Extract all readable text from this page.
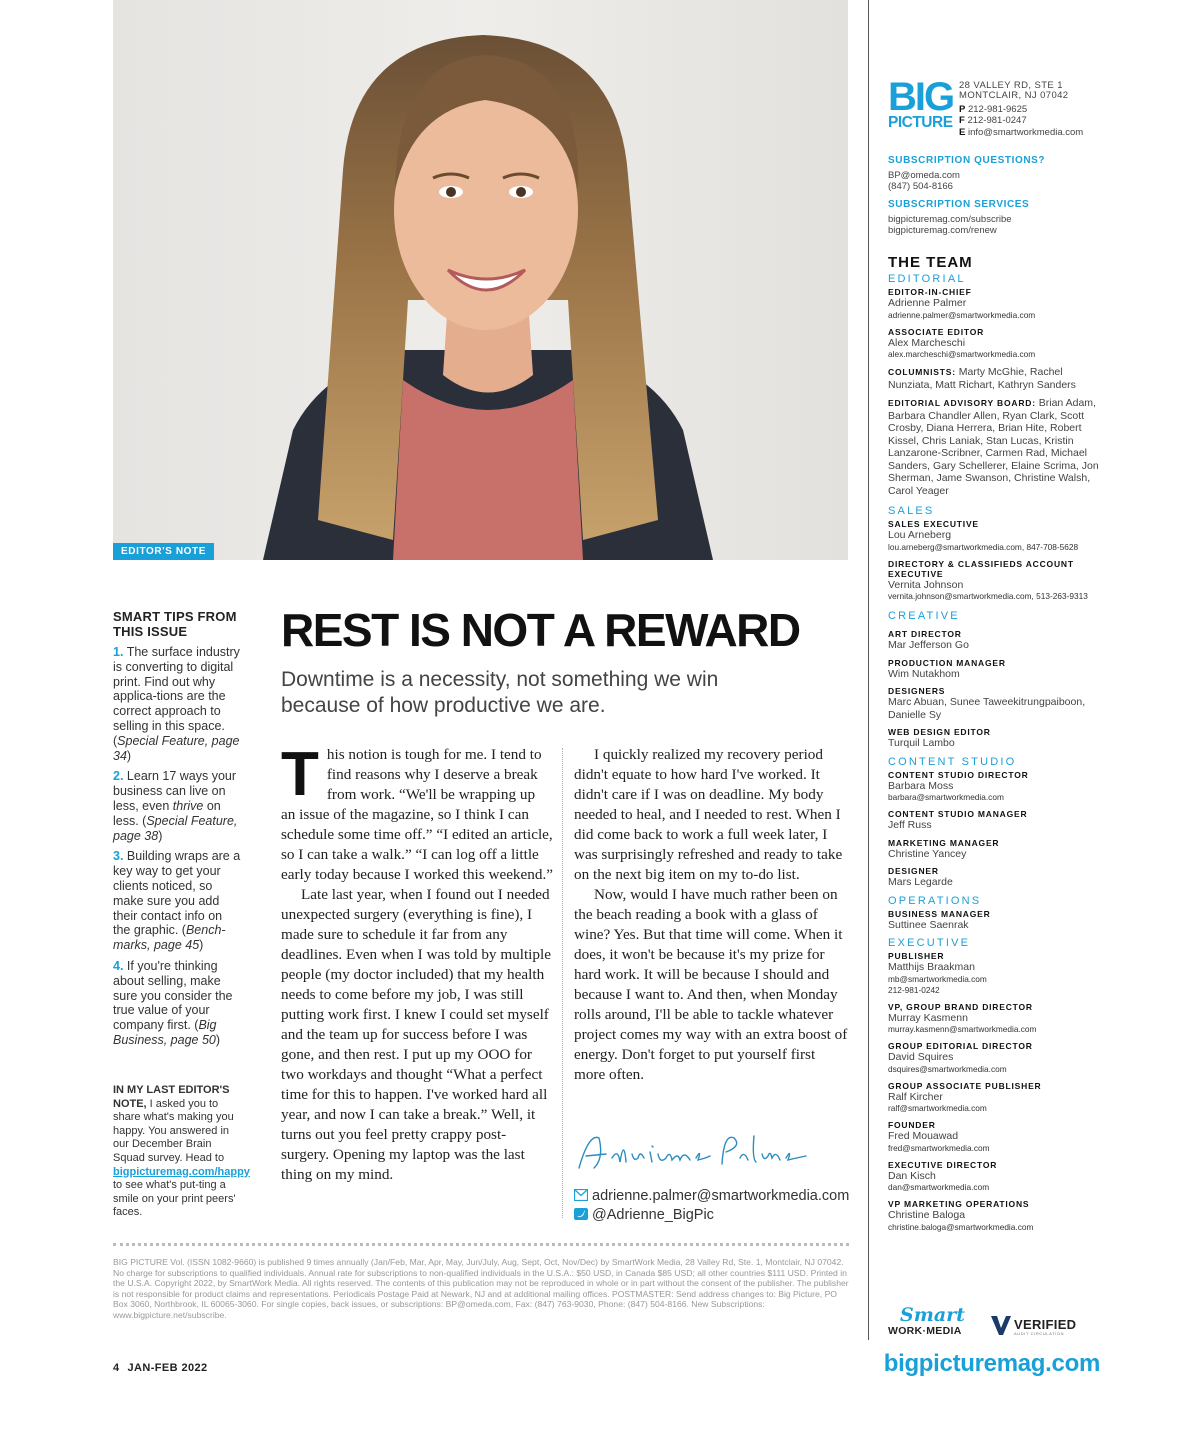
EDITOR'S NOTE
SMART TIPS FROM THIS ISSUE
1. The surface industry is converting to digital print. Find out why applica-tions are the correct approach to selling in this space. (Special Feature, page 34)
2. Learn 17 ways your business can live on less, even thrive on less. (Special Feature, page 38)
3. Building wraps are a key way to get your clients noticed, so make sure you add their contact info on the graphic. (Bench-marks, page 45)
4. If you're thinking about selling, make sure you consider the true value of your company first. (Big Business, page 50)
IN MY LAST EDITOR'S NOTE, I asked you to share what's making you happy. You answered in our December Brain Squad survey. Head to bigpicturemag.com/happy to see what's put-ting a smile on your print peers' faces.
REST IS NOT A REWARD
Downtime is a necessity, not something we win because of how productive we are.
T his notion is tough for me. I tend to find reasons why I deserve a break from work. “We'll be wrapping up an issue of the magazine, so I think I can schedule some time off.” “I edited an article, so I can take a walk.” “I can log off a little early today because I worked this weekend.”

Late last year, when I found out I needed unexpected surgery (everything is fine), I made sure to schedule it far from any deadlines. Even when I was told by multiple people (my doctor included) that my health needs to come before my job, I was still putting work first. I knew I could set myself and the team up for success before I was gone, and then rest. I put up my OOO for two workdays and thought “What a perfect time for this to happen. I've worked hard all year, and now I can take a break.” Well, it turns out you feel pretty crappy post-surgery. Opening my laptop was the last thing on my mind.

I quickly realized my recovery period didn't equate to how hard I've worked. It didn't care if I was on deadline. My body needed to heal, and I needed to rest. When I did come back to work a full week later, I was surprisingly refreshed and ready to take on the next big item on my to-do list.

Now, would I have much rather been on the beach reading a book with a glass of wine? Yes. But that time will come. When it does, it won't be because it's my prize for hard work. It will be because I should and because I want to. And then, when Monday rolls around, I'll be able to tackle whatever project comes my way with an extra boost of energy. Don't forget to put yourself first more often.

adrienne.palmer@smartworkmedia.com
@Adrienne_BigPic
BIG PICTURE Vol. (ISSN 1082-9660) is published 9 times annually (Jan/Feb, Mar, Apr, May, Jun/July, Aug, Sept, Oct, Nov/Dec) by SmartWork Media, 28 Valley Rd, Ste. 1, Montclair, NJ 07042. No charge for subscriptions to qualified individuals. Annual rate for subscriptions to non-qualified individuals in the U.S.A.: $50 USD, in Canada $85 USD; all other countries $111 USD. Printed in the U.S.A. Copyright 2022, by SmartWork Media. All rights reserved. The contents of this publication may not be reproduced in whole or in part without the consent of the publisher. The publisher is not responsible for product claims and representations. Periodicals Postage Paid at Newark, NJ and at additional mailing offices. POSTMASTER: Send address changes to: Big Picture, PO Box 3060, Northbrook, IL 60065-3060. For single copies, back issues, or subscriptions: BP@omeda.com, Fax: (847) 763-9030, Phone: (847) 504-8166. New Subscriptions: www.bigpicture.net/subscribe.
BIG
PICTURE
28 VALLEY RD, STE 1
MONTCLAIR, NJ 07042
P 212-981-9625
F 212-981-0247
E info@smartworkmedia.com
SUBSCRIPTION QUESTIONS?
BP@omeda.com
(847) 504-8166
SUBSCRIPTION SERVICES
bigpicturemag.com/subscribe
bigpicturemag.com/renew
THE TEAM
EDITORIAL
EDITOR-IN-CHIEF
Adrienne Palmer
adrienne.palmer@smartworkmedia.com
ASSOCIATE EDITOR
Alex Marcheschi
alex.marcheschi@smartworkmedia.com
COLUMNISTS: Marty McGhie, Rachel Nunziata, Matt Richart, Kathryn Sanders
EDITORIAL ADVISORY BOARD: Brian Adam, Barbara Chandler Allen, Ryan Clark, Scott Crosby, Diana Herrera, Brian Hite, Robert Kissel, Chris Laniak, Stan Lucas, Kristin Lanzarone-Scribner, Carmen Rad, Michael Sanders, Gary Schellerer, Elaine Scrima, Jon Sherman, Jame Swanson, Christine Walsh, Carol Yeager
SALES
SALES EXECUTIVE
Lou Arneberg
lou.arneberg@smartworkmedia.com, 847-708-5628
DIRECTORY & CLASSIFIEDS ACCOUNT EXECUTIVE
Vernita Johnson
vernita.johnson@smartworkmedia.com, 513-263-9313
CREATIVE
ART DIRECTOR
Mar Jefferson Go
PRODUCTION MANAGER
Wim Nutakhom
DESIGNERS
Marc Abuan, Sunee Taweekitrungpaiboon, Danielle Sy
WEB DESIGN EDITOR
Turquil Lambo
CONTENT STUDIO
CONTENT STUDIO DIRECTOR
Barbara Moss
barbara@smartworkmedia.com
CONTENT STUDIO MANAGER
Jeff Russ
MARKETING MANAGER
Christine Yancey
DESIGNER
Mars Legarde
OPERATIONS
BUSINESS MANAGER
Suttinee Saenrak
EXECUTIVE
PUBLISHER
Matthijs Braakman
mb@smartworkmedia.com
212-981-0242
VP, GROUP BRAND DIRECTOR
Murray Kasmenn
murray.kasmenn@smartworkmedia.com
GROUP EDITORIAL DIRECTOR
David Squires
dsquires@smartworkmedia.com
GROUP ASSOCIATE PUBLISHER
Ralf Kircher
ralf@smartworkmedia.com
FOUNDER
Fred Mouawad
fred@smartworkmedia.com
EXECUTIVE DIRECTOR
Dan Kisch
dan@smartworkmedia.com
VP MARKETING OPERATIONS
Christine Baloga
christine.baloga@smartworkmedia.com
Smart
WORK·MEDIA	VERIFIED
AUDIT CIRCULATION
4 JAN-FEB 2022	bigpicturemag.com
